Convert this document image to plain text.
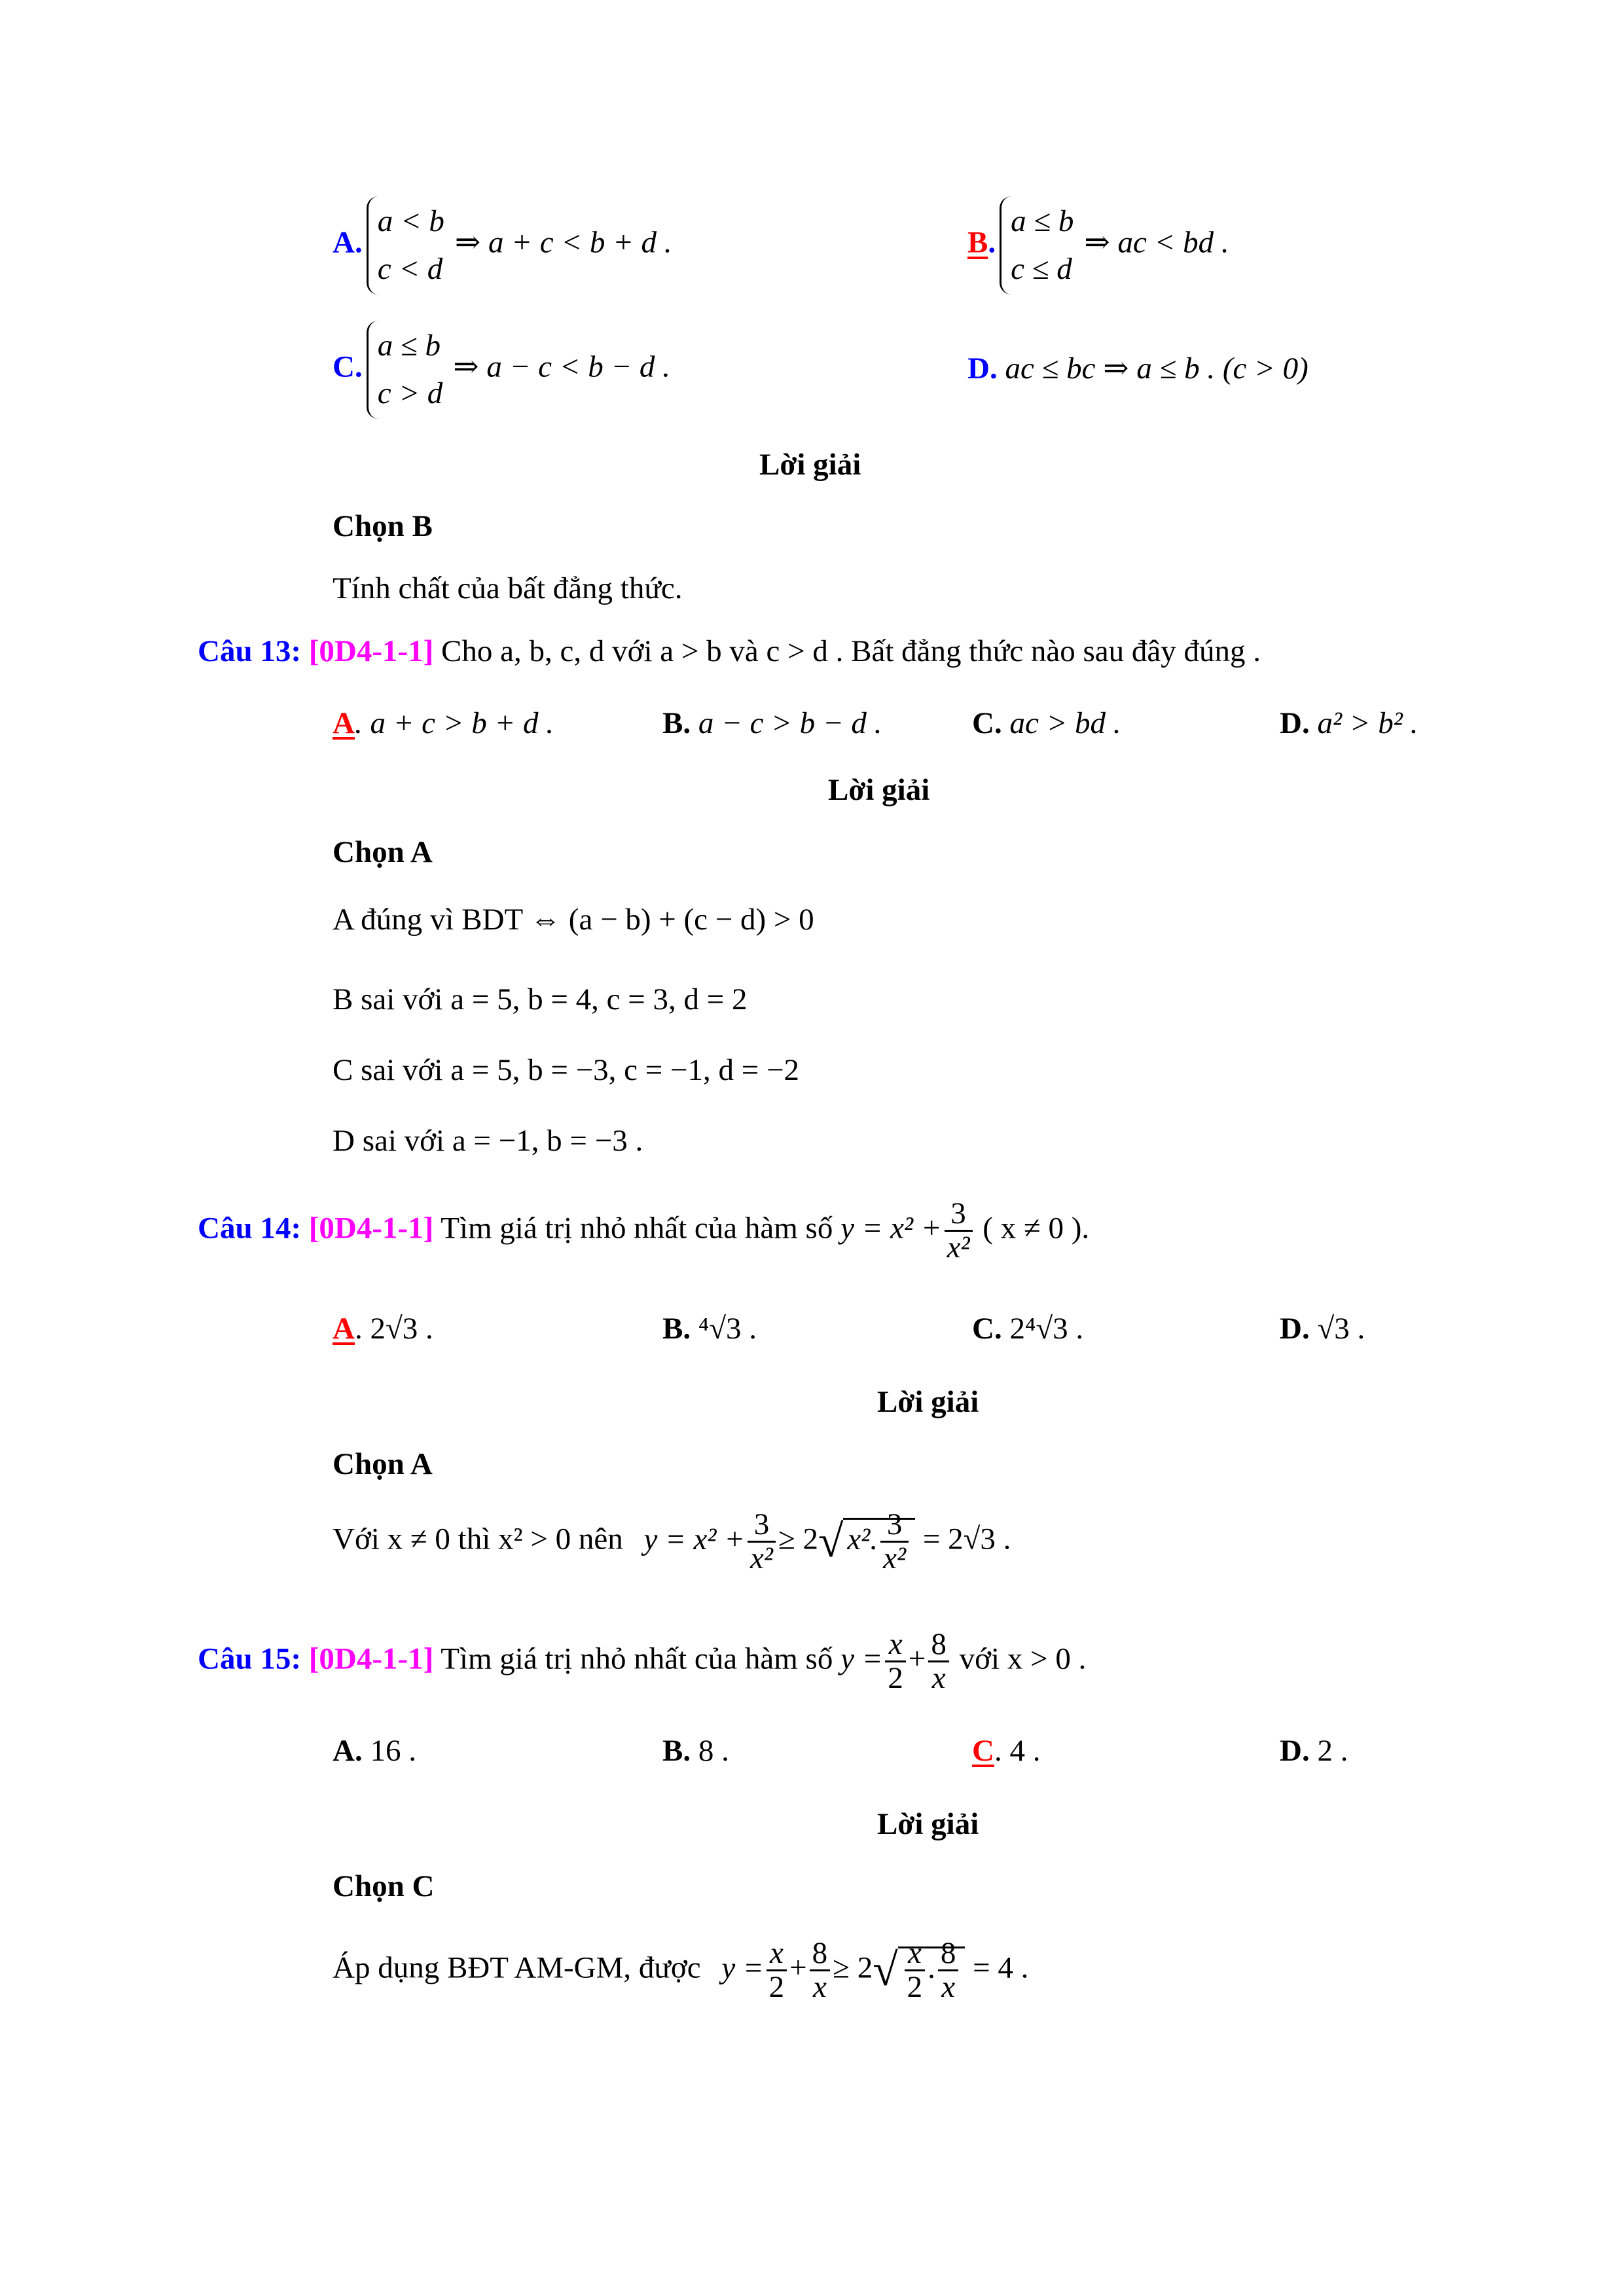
A.
a < b
c < d
⇒ a + c < b + d .	B.
a ≤ b
c ≤ d
⇒ ac < bd .
C.
a ≤ b
c > d
⇒ a − c < b − d .	D. ac ≤ bc ⇒ a ≤ b . (c > 0)
Lời giải
Chọn B
Tính chất của bất đẳng thức.
Câu 13: [0D4-1-1] Cho a, b, c, d với a > b và c > d . Bất đẳng thức nào sau đây đúng .
A. a + c > b + d .	B. a − c > b − d .	C. ac > bd .	D. a² > b² .
Lời giải
Chọn A
A đúng vì BDT ⇔ (a − b) + (c − d) > 0
B sai với a = 5, b = 4, c = 3, d = 2
C sai với a = 5, b = −3, c = −1, d = −2
D sai với a = −1, b = −3 .
Câu 14: [0D4-1-1] Tìm giá trị nhỏ nhất của hàm số $y = x^2 + \frac{3}{\text{x²}}$ ( x ≠ 0 ).
A. 2√3 .	B. ⁴√3 .	C. 2⁴√3 .	D. √3 .
Lời giải
Chọn A
Với x ≠ 0 thì x² > 0 nên $y = x^2 + \frac{3}{\text{x²}} \ge 2√$ x². $\frac{3}{\text{x²}} = 2√3$ .
Câu 15: [0D4-1-1] Tìm giá trị nhỏ nhất của hàm số $y = \frac{x}{2} + \frac{8}{x}$ với x > 0 .
A. 16 .	B. 8 .	C. 4 .	D. 2 .
Lời giải
Chọn C
Áp dụng BĐT AM-GM, được $y = \frac{x}{2} + \frac{8}{x} \ge 2√ \frac{x}{2}$ . $\frac{8}{x} = 4$ .
